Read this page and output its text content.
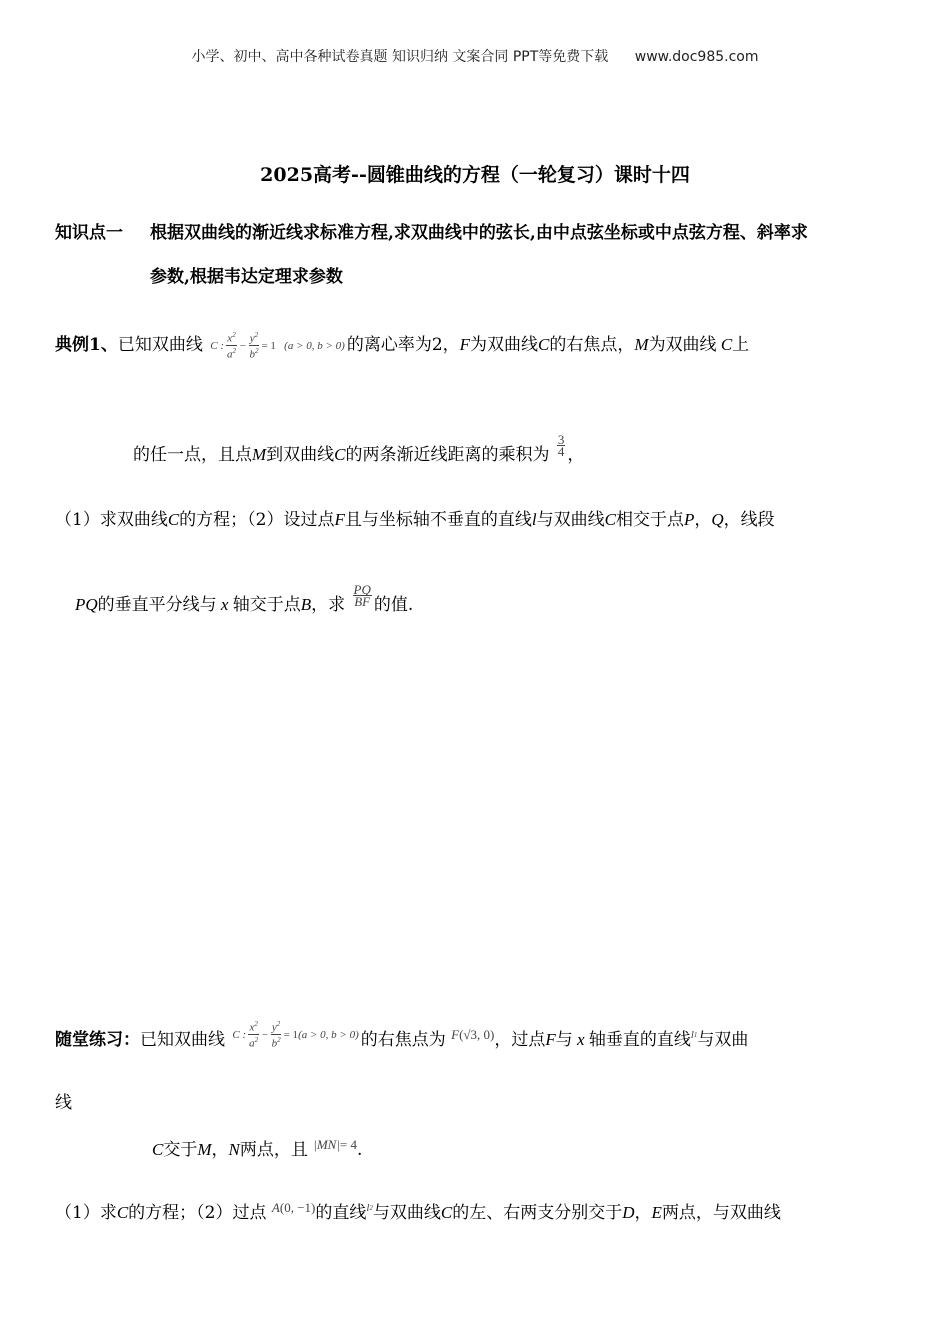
小学、初中、高中各种试卷真题 知识归纳 文案合同 PPT等免费下载 www.doc985.com
2025高考--圆锥曲线的方程（一轮复习）课时十四
知识点一 根据双曲线的渐近线求标准方程,求双曲线中的弦长,由中点弦坐标或中点弦方程、斜率求
参数,根据韦达定理求参数
典例1、已知双曲线 C : $\frac{x^2}{a^2} - \frac{y^2}{b^2} = 1$ (a > 0, b > 0)的离心率为2，F为双曲线C的右焦点，M为双曲线 C上
的任一点，且点M到双曲线C的两条渐近线距离的乘积为 $\frac{3}{4}$ ，
（1）求双曲线C的方程；（2）设过点F且与坐标轴不垂直的直线l与双曲线C相交于点P，Q，线段
PQ的垂直平分线与 x 轴交于点B，求 $\frac{PQ}{BF}$ 的值.
随堂练习：已知双曲线 C : $\frac{x^2}{a^2} - \frac{y^2}{b^2} = 1$ (a > 0, b > 0)的右焦点为 F (√3, 0) ，过点F与 x 轴垂直的直线l 1 与双曲
线
C交于M，N两点，且 |MN| = 4 .
（1）求C的方程；（2）过点 A (0, −1) 的直线l 2 与双曲线C的左、右两支分别交于D，E两点，与双曲线
